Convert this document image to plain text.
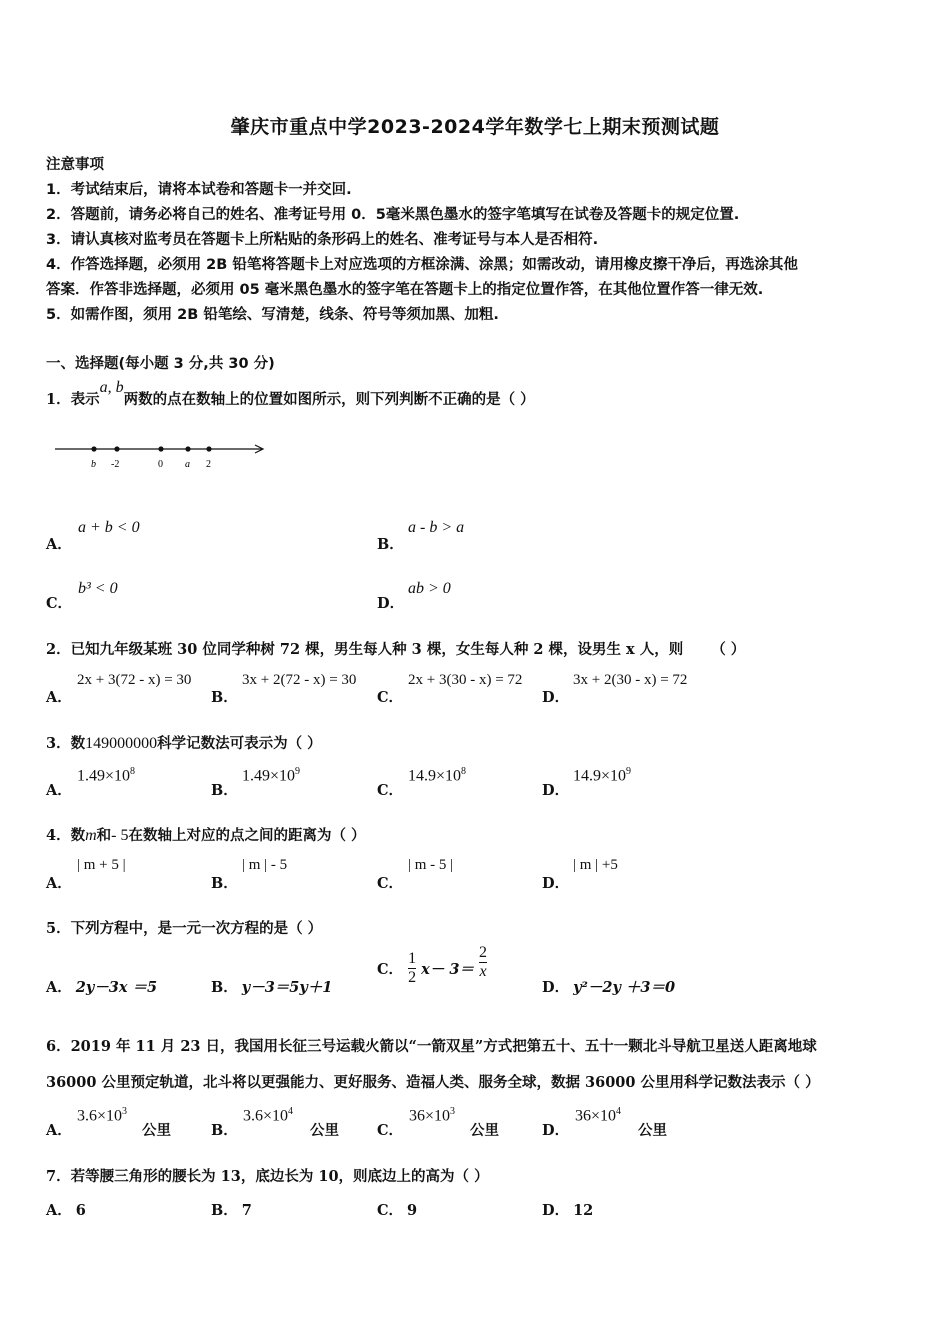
肇庆市重点中学2023-2024学年数学七上期末预测试题
注意事项
1．考试结束后，请将本试卷和答题卡一并交回.
2．答题前，请务必将自己的姓名、准考证号用 0．5毫米黑色墨水的签字笔填写在试卷及答题卡的规定位置.
3．请认真核对监考员在答题卡上所粘贴的条形码上的姓名、准考证号与本人是否相符.
4．作答选择题，必须用 2B 铅笔将答题卡上对应选项的方框涂满、涂黑；如需改动，请用橡皮擦干净后，再选涂其他
答案．作答非选择题，必须用 05 毫米黑色墨水的签字笔在答题卡上的指定位置作答，在其他位置作答一律无效.
5．如需作图，须用 2B 铅笔绘、写清楚，线条、符号等须加黑、加粗.
一、选择题(每小题 3 分,共 30 分)
1．表示a, b两数的点在数轴上的位置如图所示，则下列判断不正确的是（ ）
b -2	0 a 2
A．
a + b < 0
B．
a - b > a
C．
b³ < 0
D．
ab > 0
2．已知九年级某班 30 位同学种树 72 棵，男生每人种 3 棵，女生每人种 2 棵，设男生 x 人，则 （ ）
A．
2x + 3(72 - x) = 30
B．
3x + 2(72 - x) = 30
C．
2x + 3(30 - x) = 72
D．
3x + 2(30 - x) = 72
3．数149000000科学记数法可表示为（ ）
A．
$1.49\times 10^8$
B．
$1.49\times 10^9$
C．
$14.9\times 10^8$
D．
$14.9\times 10^9$
4．数m和- 5在数轴上对应的点之间的距离为（ ）
A．
| m + 5 |
B．
| m | - 5
C．
| m - 5 |
D．
| m | +5
5．下列方程中，是一元一次方程的是（ ）
A． 2y－3x ＝5	B． y－3＝5y＋1
C． $\frac{1}{2} x- 3= \frac{2}{x}$
D． y²－2y ＋3＝0
6．2019 年 11 月 23 日，我国用长征三号运载火箭以“一箭双星”方式把第五十、五十一颗北斗导航卫星送人距离地球
36000 公里预定轨道，北斗将以更强能力、更好服务、造福人类、服务全球，数据 36000 公里用科学记数法表示（ ）
A．
$3.6\times 10^3$
公里	B．
$3.6\times 10^4$
公里	C．
$36\times 10^3$
公里	D．
$36\times 10^4$
公里
7．若等腰三角形的腰长为 13，底边长为 10，则底边上的高为（ ）
A． 6	B． 7	C． 9	D． 12
